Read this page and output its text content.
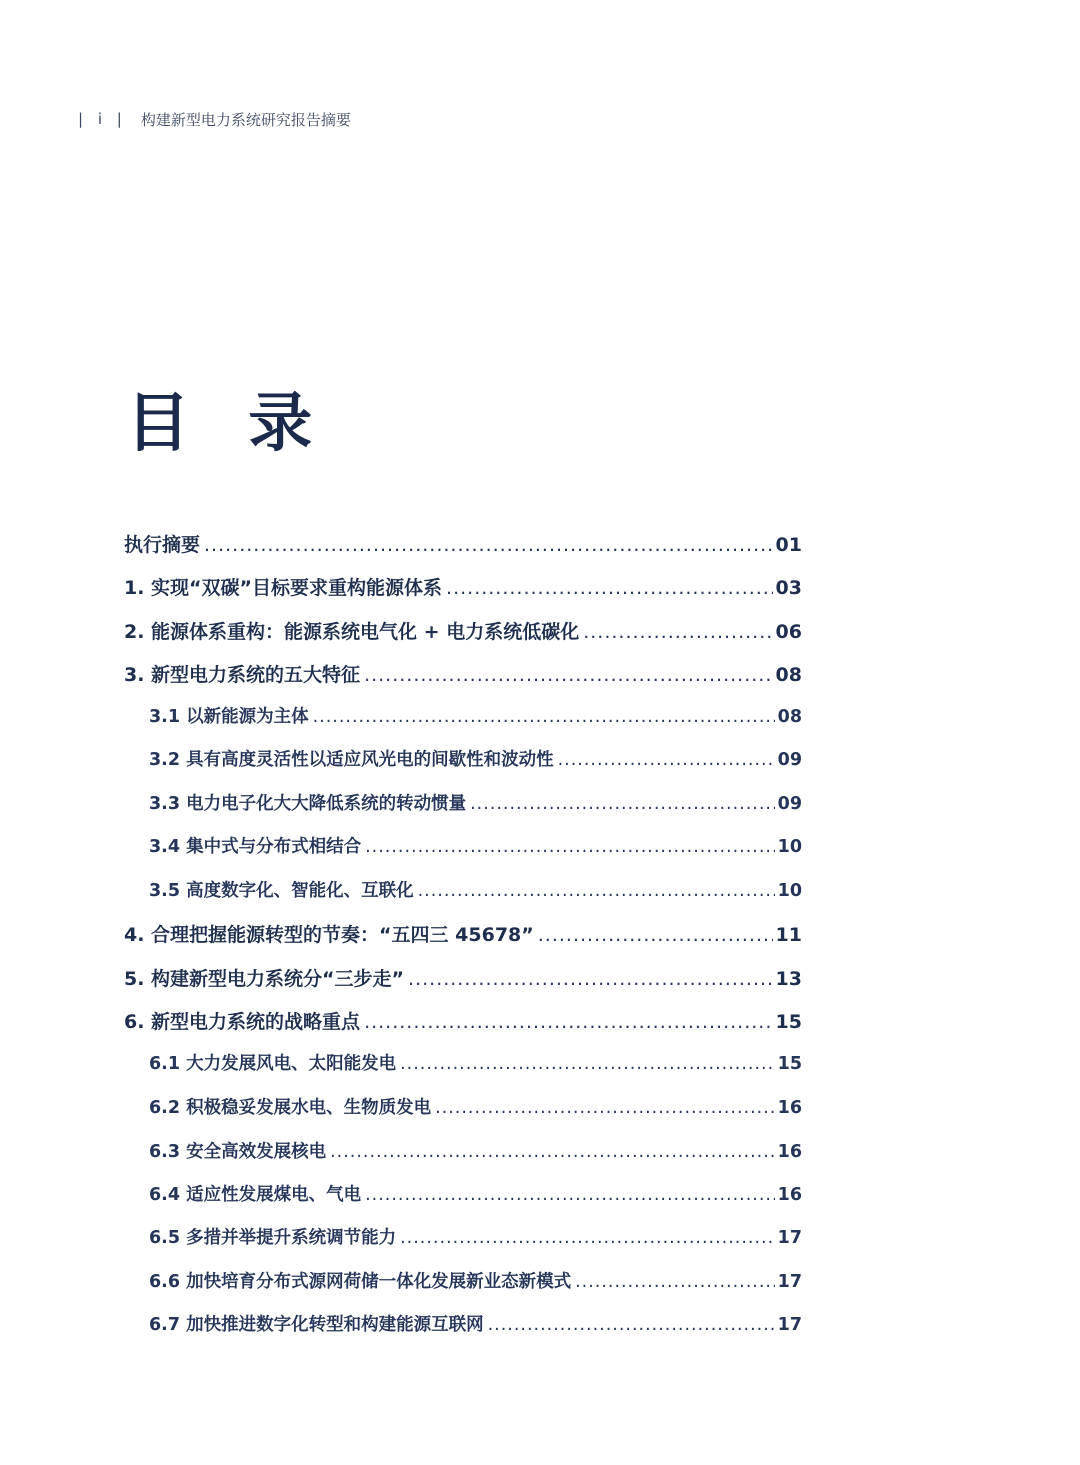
| i | 构建新型电力系统研究报告摘要
目 录
执行摘要 .....	01
1. 实现“双碳”目标要求重构能源体系 .....	03
2. 能源体系重构：能源系统电气化 + 电力系统低碳化 .....	06
3. 新型电力系统的五大特征 .....	08
3.1 以新能源为主体 .....	08
3.2 具有高度灵活性以适应风光电的间歇性和波动性 .....	09
3.3 电力电子化大大降低系统的转动惯量 .....	09
3.4 集中式与分布式相结合 .....	10
3.5 高度数字化、智能化、互联化 .....	10
4. 合理把握能源转型的节奏：“五四三 45678” .....	11
5. 构建新型电力系统分“三步走” .....	13
6. 新型电力系统的战略重点 .....	15
6.1 大力发展风电、太阳能发电 .....	15
6.2 积极稳妥发展水电、生物质发电 .....	16
6.3 安全高效发展核电 .....	16
6.4 适应性发展煤电、气电 .....	16
6.5 多措并举提升系统调节能力 .....	17
6.6 加快培育分布式源网荷储一体化发展新业态新模式 .....	17
6.7 加快推进数字化转型和构建能源互联网 .....	17
